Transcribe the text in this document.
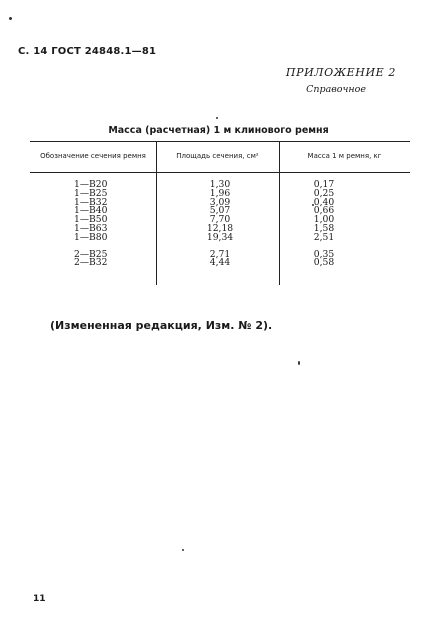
С. 14 ГОСТ 24848.1—81
ПРИЛОЖЕНИЕ 2
Справочное
Масса (расчетная) 1 м клинового ремня
Обозначение сечения ремня	Площадь сечения, см²	Масса 1 м ремня, кг
1—В20
1—В25
1—В32
1—В40
1—В50
1—В63
1—В80
2—В25
2—В32
1,30
1,96
3,09
5,07
7,70
12,18
19,34
2,71
4,44
0,17
0,25
0,40
0,66
1,00
1,58
2,51
0,35
0,58
(Измененная редакция, Изм. № 2).
11
